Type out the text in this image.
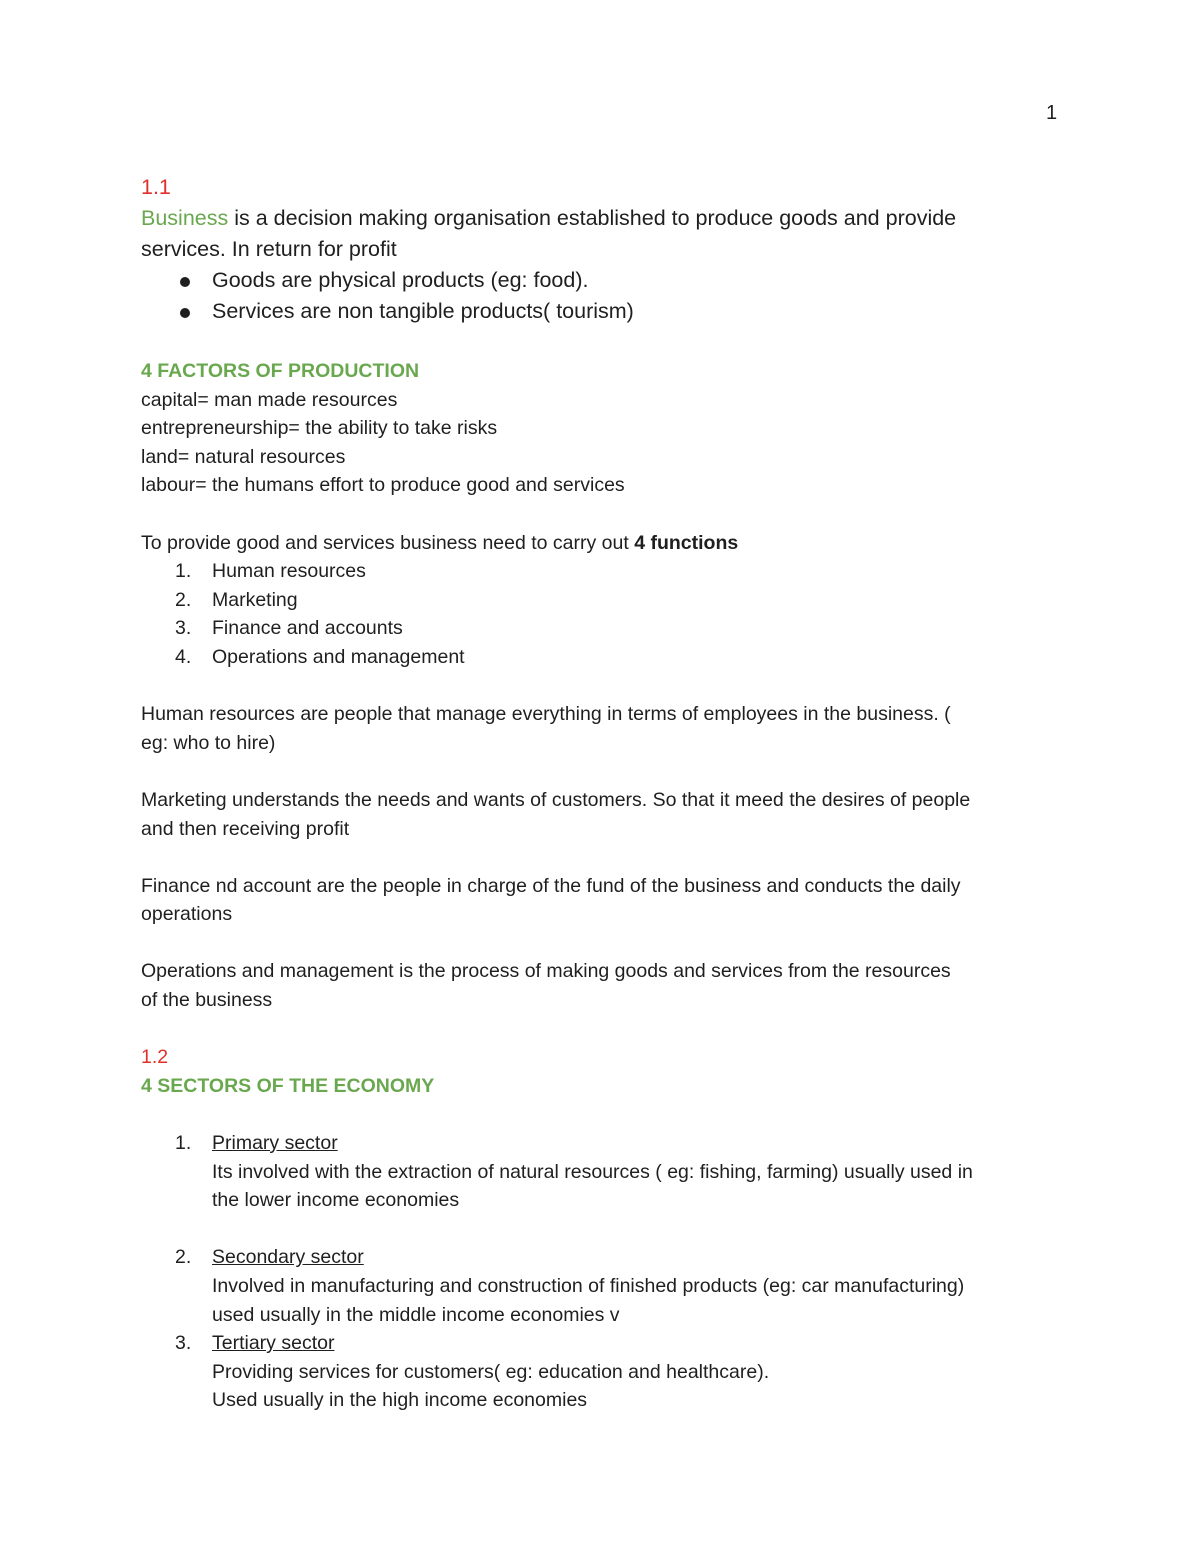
1

1.1

Business is a decision making organisation established to produce goods and provide

services. In return for profit

Goods are physical products (eg: food).
Services are non tangible products( tourism)

4 FACTORS OF PRODUCTION

capital= man made resources

entrepreneurship= the ability to take risks

land= natural resources

labour= the humans effort to produce good and services

To provide good and services business need to carry out 4 functions

1. Human resources
2. Marketing
3. Finance and accounts
4. Operations and management

Human resources are people that manage everything in terms of employees in the business. (

eg: who to hire)

Marketing understands the needs and wants of customers. So that it meed the desires of people

and then receiving profit

Finance nd account are the people in charge of the fund of the business and conducts the daily

operations

Operations and management is the process of making goods and services from the resources

of the business

1.2

4 SECTORS OF THE ECONOMY

1. Primary sector
Its involved with the extraction of natural resources ( eg: fishing, farming) usually used in
the lower income economies
2. Secondary sector
Involved in manufacturing and construction of finished products (eg: car manufacturing)
used usually in the middle income economies v
3. Tertiary sector
Providing services for customers( eg: education and healthcare).
Used usually in the high income economies
